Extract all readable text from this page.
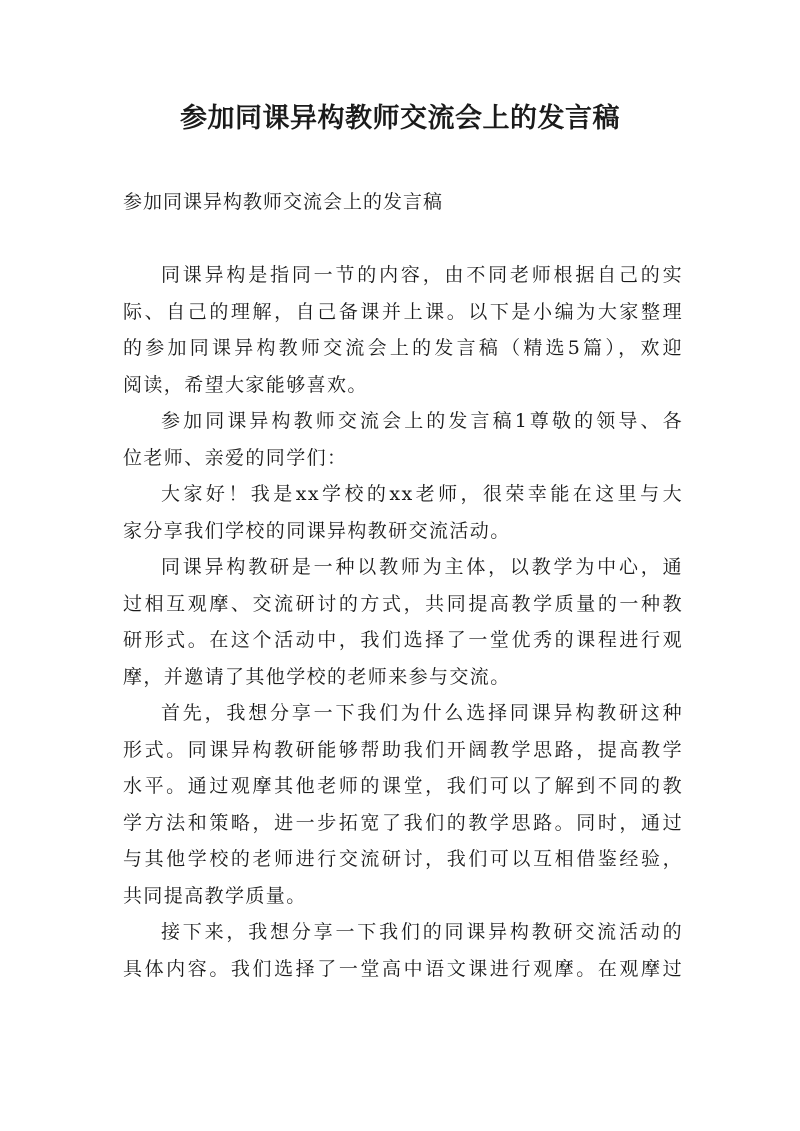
参加同课异构教师交流会上的发言稿

参加同课异构教师交流会上的发言稿

同课异构是指同一节的内容，由不同老师根据自己的实
际、自己的理解，自己备课并上课。以下是小编为大家整理
的参加同课异构教师交流会上的发言稿（精选5篇），欢迎
阅读，希望大家能够喜欢。

参加同课异构教师交流会上的发言稿1尊敬的领导、各
位老师、亲爱的同学们：

大家好！我是xx学校的xx老师，很荣幸能在这里与大
家分享我们学校的同课异构教研交流活动。

同课异构教研是一种以教师为主体，以教学为中心，通
过相互观摩、交流研讨的方式，共同提高教学质量的一种教
研形式。在这个活动中，我们选择了一堂优秀的课程进行观
摩，并邀请了其他学校的老师来参与交流。

首先，我想分享一下我们为什么选择同课异构教研这种
形式。同课异构教研能够帮助我们开阔教学思路，提高教学
水平。通过观摩其他老师的课堂，我们可以了解到不同的教
学方法和策略，进一步拓宽了我们的教学思路。同时，通过
与其他学校的老师进行交流研讨，我们可以互相借鉴经验，
共同提高教学质量。

接下来，我想分享一下我们的同课异构教研交流活动的
具体内容。我们选择了一堂高中语文课进行观摩。在观摩过
